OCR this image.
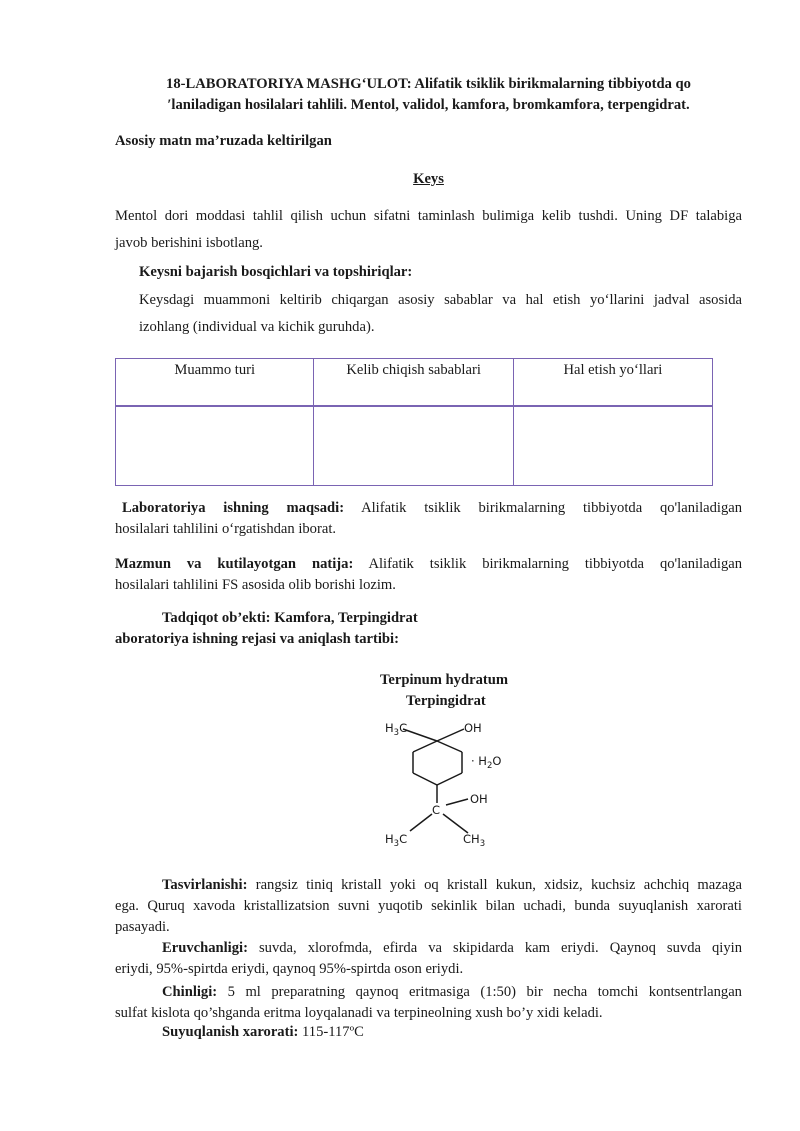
18-LABORATORIYA MASHG‘ULOT: Alifatik tsiklik birikmalarning tibbiyotda qo
′laniladigan hosilalari tahlili. Mentol, validol, kamfora, bromkamfora, terpengidrat.
Asosiy matn ma’ruzada keltirilgan
Keys
Mentol dori moddasi tahlil qilish uchun sifatni taminlash bulimiga kelib tushdi. Uning DF talabiga
javob berishini isbotlang.
Keysni bajarish bosqichlari va topshiriqlar:
Keysdagi muammoni keltirib chiqargan asosiy sabablar va hal etish yo‘llarini jadval asosida
izohlang (individual va kichik guruhda).
Muammo turi	Kelib chiqish sabablari	Hal etish yo‘llari

Laboratoriya ishning maqsadi: Alifatik tsiklik birikmalarning tibbiyotda qo'laniladigan
hosilalari tahlilini o‘rgatishdan iborat.
Mazmun va kutilayotgan natija: Alifatik tsiklik birikmalarning tibbiyotda qo'laniladigan
hosilalari tahlilini FS asosida olib borishi lozim.
Tadqiqot ob’ekti: Kamfora, Terpingidrat
aboratoriya ishning rejasi va aniqlash tartibi:
Terpinum hydratum
Terpingidrat
$H_3C$	OH
· $H_2O$
C
OH
$H_3C$	$CH_3$
Tasvirlanishi: rangsiz tiniq kristall yoki oq kristall kukun, xidsiz, kuchsiz achchiq mazaga
ega. Quruq xavoda kristallizatsion suvni yuqotib sekinlik bilan uchadi, bunda suyuqlanish xarorati
pasayadi.
Eruvchanligi: suvda, xlorofmda, efirda va skipidarda kam eriydi. Qaynoq suvda qiyin
eriydi, 95%-spirtda eriydi, qaynoq 95%-spirtda oson eriydi.
Chinligi: 5 ml preparatning qaynoq eritmasiga (1:50) bir necha tomchi kontsentrlangan
sulfat kislota qo’shganda eritma loyqalanadi va terpineolning xush bo’y xidi keladi.
Suyuqlanish xarorati: 115-117ºC
